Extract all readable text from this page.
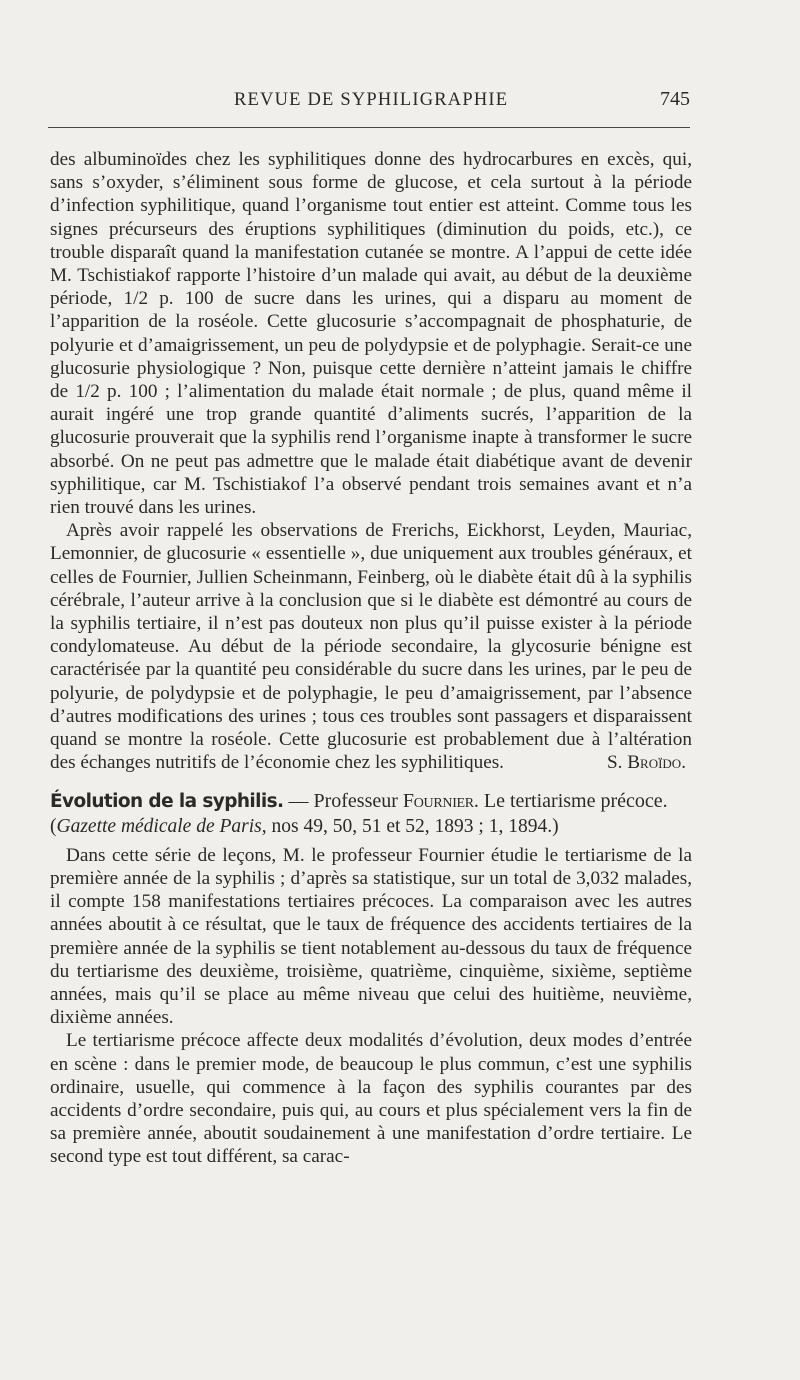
REVUE DE SYPHILIGRAPHIE	745

des albuminoïdes chez les syphilitiques donne des hydrocarbures en excès, qui, sans s’oxyder, s’éliminent sous forme de glucose, et cela surtout à la période d’infection syphilitique, quand l’organisme tout entier est atteint. Comme tous les signes précurseurs des éruptions syphilitiques (diminution du poids, etc.), ce trouble disparaît quand la manifestation cutanée se montre. A l’appui de cette idée M. Tschistiakof rapporte l’histoire d’un malade qui avait, au début de la deuxième période, 1/2 p. 100 de sucre dans les urines, qui a disparu au moment de l’apparition de la roséole. Cette glucosurie s’accompagnait de phosphaturie, de polyurie et d’amaigrissement, un peu de polydypsie et de polyphagie. Serait-ce une glucosurie physiologique ? Non, puisque cette dernière n’atteint jamais le chiffre de 1/2 p. 100 ; l’alimentation du malade était normale ; de plus, quand même il aurait ingéré une trop grande quantité d’aliments sucrés, l’apparition de la glucosurie prouverait que la syphilis rend l’organisme inapte à transformer le sucre absorbé. On ne peut pas admettre que le malade était diabétique avant de devenir syphilitique, car M. Tschistiakof l’a observé pendant trois semaines avant et n’a rien trouvé dans les urines.

Après avoir rappelé les observations de Frerichs, Eickhorst, Leyden, Mauriac, Lemonnier, de glucosurie « essentielle », due uniquement aux troubles généraux, et celles de Fournier, Jullien Scheinmann, Feinberg, où le diabète était dû à la syphilis cérébrale, l’auteur arrive à la conclusion que si le diabète est démontré au cours de la syphilis tertiaire, il n’est pas douteux non plus qu’il puisse exister à la période condylomateuse. Au début de la période secondaire, la glycosurie bénigne est caractérisée par la quantité peu considérable du sucre dans les urines, par le peu de polyurie, de polydypsie et de polyphagie, le peu d’amaigrissement, par l’absence d’autres modifications des urines ; tous ces troubles sont passagers et disparaissent quand se montre la roséole. Cette glucosurie est probablement due à l’altération des échanges nutritifs de l’économie chez les syphilitiques.	S. Broïdo.
Évolution de la syphilis. — Professeur Fournier. Le tertiarisme précoce.
(Gazette médicale de Paris, nos 49, 50, 51 et 52, 1893 ; 1, 1894.)

Dans cette série de leçons, M. le professeur Fournier étudie le tertiarisme de la première année de la syphilis ; d’après sa statistique, sur un total de 3,032 malades, il compte 158 manifestations tertiaires précoces. La comparaison avec les autres années aboutit à ce résultat, que le taux de fréquence des accidents tertiaires de la première année de la syphilis se tient notablement au-dessous du taux de fréquence du tertiarisme des deuxième, troisième, quatrième, cinquième, sixième, septième années, mais qu’il se place au même niveau que celui des huitième, neuvième, dixième années.

Le tertiarisme précoce affecte deux modalités d’évolution, deux modes d’entrée en scène : dans le premier mode, de beaucoup le plus commun, c’est une syphilis ordinaire, usuelle, qui commence à la façon des syphilis courantes par des accidents d’ordre secondaire, puis qui, au cours et plus spécialement vers la fin de sa première année, aboutit soudainement à une manifestation d’ordre tertiaire. Le second type est tout différent, sa carac-
